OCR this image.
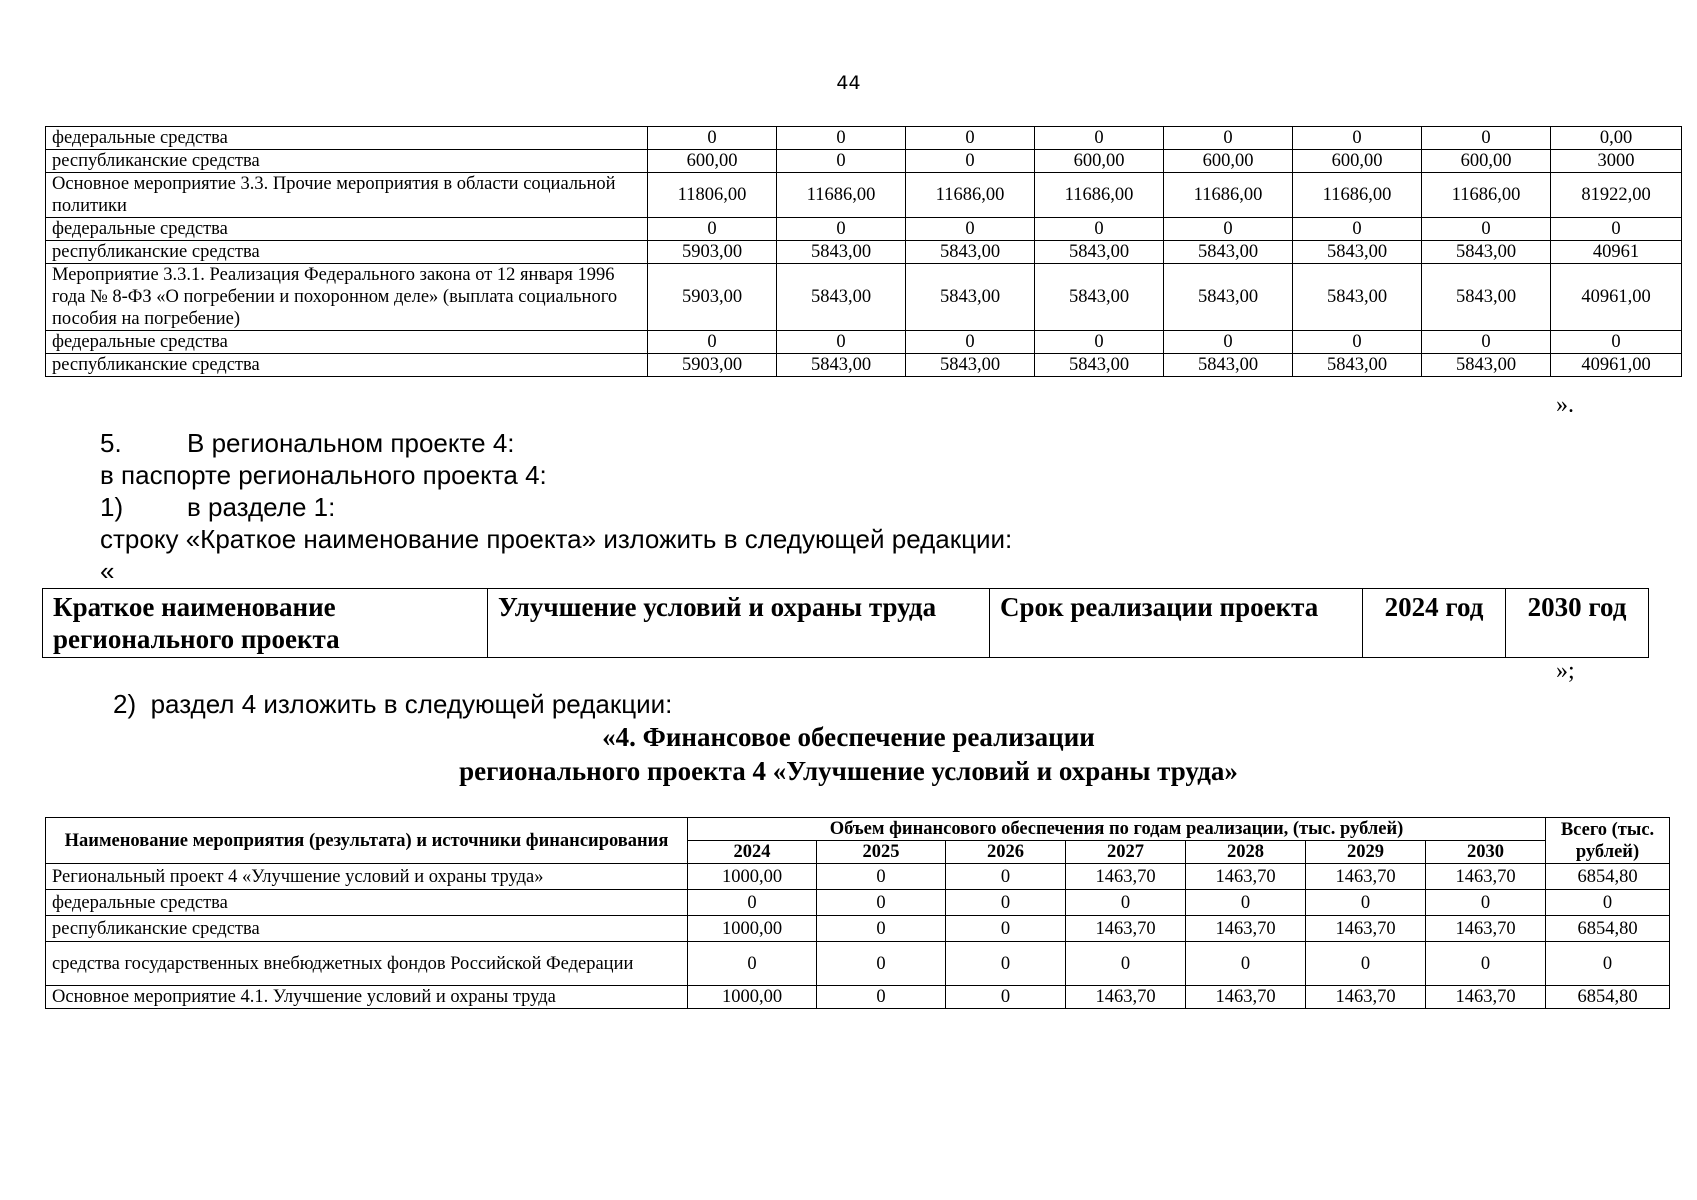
44
федеральные средства	0	0	0	0	0	0	0	0,00
республиканские средства	600,00	0	0	600,00	600,00	600,00	600,00	3000
Основное мероприятие 3.3. Прочие мероприятия в области социальной политики	11806,00	11686,00	11686,00	11686,00	11686,00	11686,00	11686,00	81922,00
федеральные средства	0	0	0	0	0	0	0	0
республиканские средства	5903,00	5843,00	5843,00	5843,00	5843,00	5843,00	5843,00	40961
Мероприятие 3.3.1. Реализация Федерального закона от 12 января 1996 года № 8-ФЗ «О погребении и похоронном деле» (выплата социального пособия на погребение)	5903,00	5843,00	5843,00	5843,00	5843,00	5843,00	5843,00	40961,00
федеральные средства	0	0	0	0	0	0	0	0
республиканские средства	5903,00	5843,00	5843,00	5843,00	5843,00	5843,00	5843,00	40961,00
».
5.	В региональном проекте 4:
в паспорте регионального проекта 4:
1) в разделе 1:
строку «Краткое наименование проекта» изложить в следующей редакции:
«
Краткое наименование регионального проекта	Улучшение условий и охраны труда	Срок реализации проекта	2024 год	2030 год
»;
2)  раздел 4 изложить в следующей редакции:
«4. Финансовое обеспечение реализации
регионального проекта 4 «Улучшение условий и охраны труда»
Наименование мероприятия (результата) и источники финансирования	Объем финансового обеспечения по годам реализации, (тыс. рублей)							Всего (тыс. рублей)
	2024	2025	2026	2027	2028	2029	2030	
Региональный проект 4 «Улучшение условий и охраны труда»	1000,00	0	0	1463,70	1463,70	1463,70	1463,70	6854,80
федеральные средства	0	0	0	0	0	0	0	0
республиканские средства	1000,00	0	0	1463,70	1463,70	1463,70	1463,70	6854,80
средства государственных внебюджетных фондов Российской Федерации	0	0	0	0	0	0	0	0
Основное мероприятие 4.1. Улучшение условий и охраны труда	1000,00	0	0	1463,70	1463,70	1463,70	1463,70	6854,80
